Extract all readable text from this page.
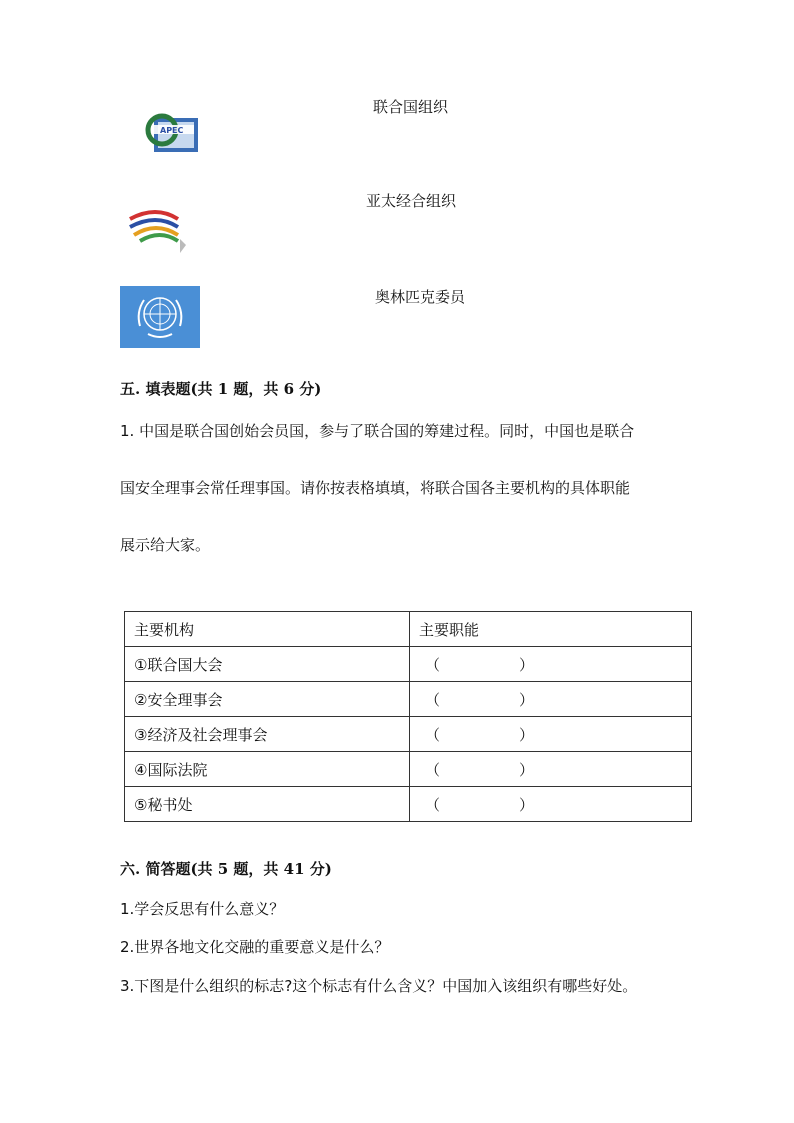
APEC
联合国组织
亚太经合组织
奥林匹克委员
五. 填表题(共 1 题，共 6 分)
1. 中国是联合国创始会员国，参与了联合国的筹建过程。同时，中国也是联合
国安全理事会常任理事国。请你按表格填填，将联合国各主要机构的具体职能
展示给大家。
主要机构	主要职能
①联合国大会	（ ）
②安全理事会	（ ）
③经济及社会理事会	（ ）
④国际法院	（ ）
⑤秘书处	（ ）
六. 简答题(共 5 题，共 41 分)
1.学会反思有什么意义？
2.世界各地文化交融的重要意义是什么？
3.下图是什么组织的标志?这个标志有什么含义？中国加入该组织有哪些好处。
